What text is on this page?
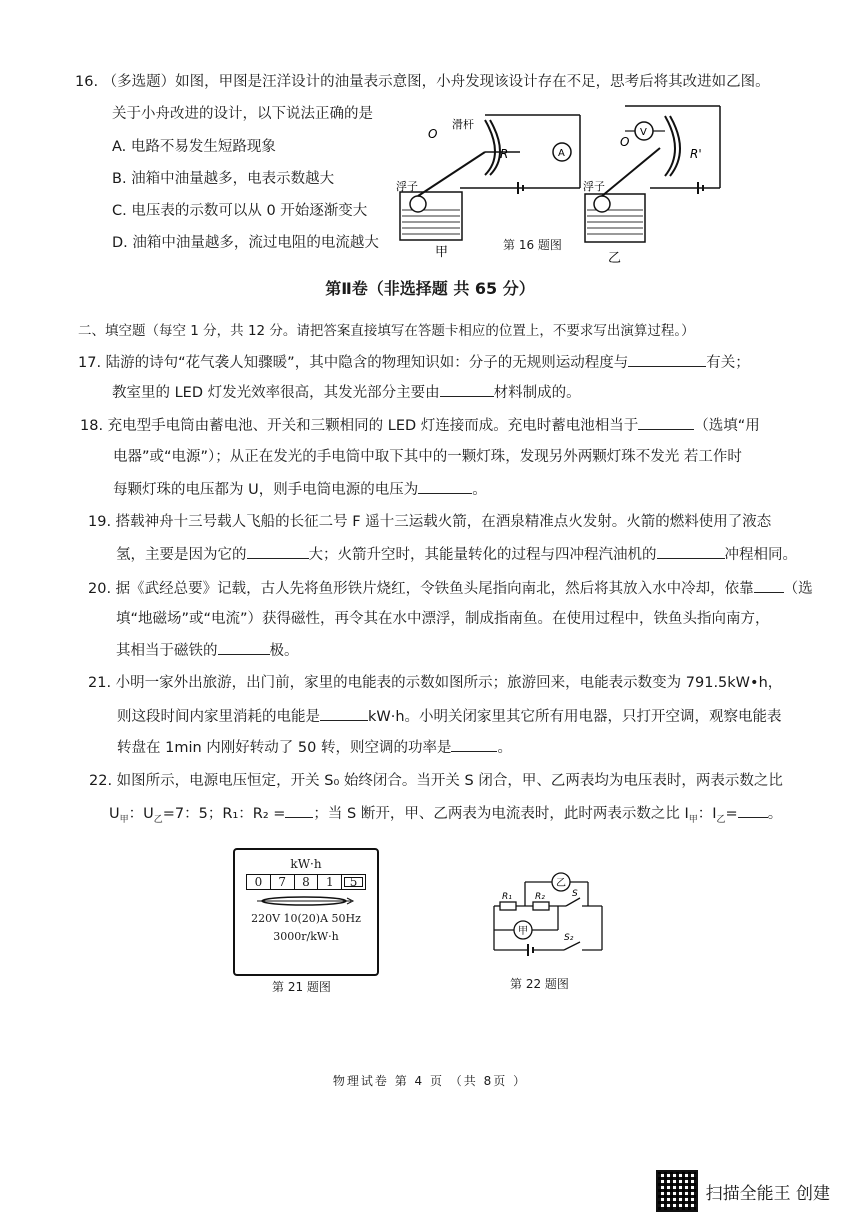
16. （多选题）如图，甲图是汪洋设计的油量表示意图，小舟发现该设计存在不足，思考后将其改进如乙图。
关于小舟改进的设计，以下说法正确的是
A. 电路不易发生短路现象
B. 油箱中油量越多，电表示数越大
C. 电压表的示数可以从 0 开始逐渐变大
D. 油箱中油量越多，流过电阻的电流越大
A
O
滑杆
R
浮子
甲
V
O
R'
浮子
乙
第 16 题图
第Ⅱ卷（非选择题 共 65 分）
二、填空题（每空 1 分，共 12 分。请把答案直接填写在答题卡相应的位置上，不要求写出演算过程。）
17. 陆游的诗句“花气袭人知骤暖”，其中隐含的物理知识如：分子的无规则运动程度与	有关；
教室里的 LED 灯发光效率很高，其发光部分主要由	材料制成的。
18. 充电型手电筒由蓄电池、开关和三颗相同的 LED 灯连接而成。充电时蓄电池相当于	（选填“用
电器”或“电源”）；从正在发光的手电筒中取下其中的一颗灯珠，发现另外两颗灯珠不发光 若工作时
每颗灯珠的电压都为 U，则手电筒电源的电压为	。
19. 搭载神舟十三号载人飞船的长征二号 F 遥十三运载火箭，在酒泉精准点火发射。火箭的燃料使用了液态
氢，主要是因为它的	大；火箭升空时，其能量转化的过程与四冲程汽油机的	冲程相同。
20. 据《武经总要》记载，古人先将鱼形铁片烧红，令铁鱼头尾指向南北，然后将其放入水中冷却，依靠 （选
填“地磁场”或“电流”）获得磁性，再令其在水中漂浮，制成指南鱼。在使用过程中，铁鱼头指向南方，
其相当于磁铁的	极。
21. 小明一家外出旅游，出门前，家里的电能表的示数如图所示；旅游回来，电能表示数变为 791.5kW•h，
则这段时间内家里消耗的电能是	kW·h。小明关闭家里其它所有用电器，只打开空调，观察电能表
转盘在 1min 内刚好转动了 50 转，则空调的功率是	。
22. 如图所示，电源电压恒定，开关 S₀ 始终闭合。当开关 S 闭合，甲、乙两表均为电压表时，两表示数之比
$U_甲$：$U_乙=7$：5；R₁：R₂ = ；当 S 断开，甲、乙两表为电流表时，此时两表示数之比 $I_甲$：$I_乙=$ 。
kW·h
0	7	8	1	5
220V 10(20)A 50Hz
3000r/kW·h
第 21 题图
R₁	R₂	S
S₂
乙
甲
第 22 题图
物理试卷 第 4 页 （共 8页 ）
扫描全能王 创建
